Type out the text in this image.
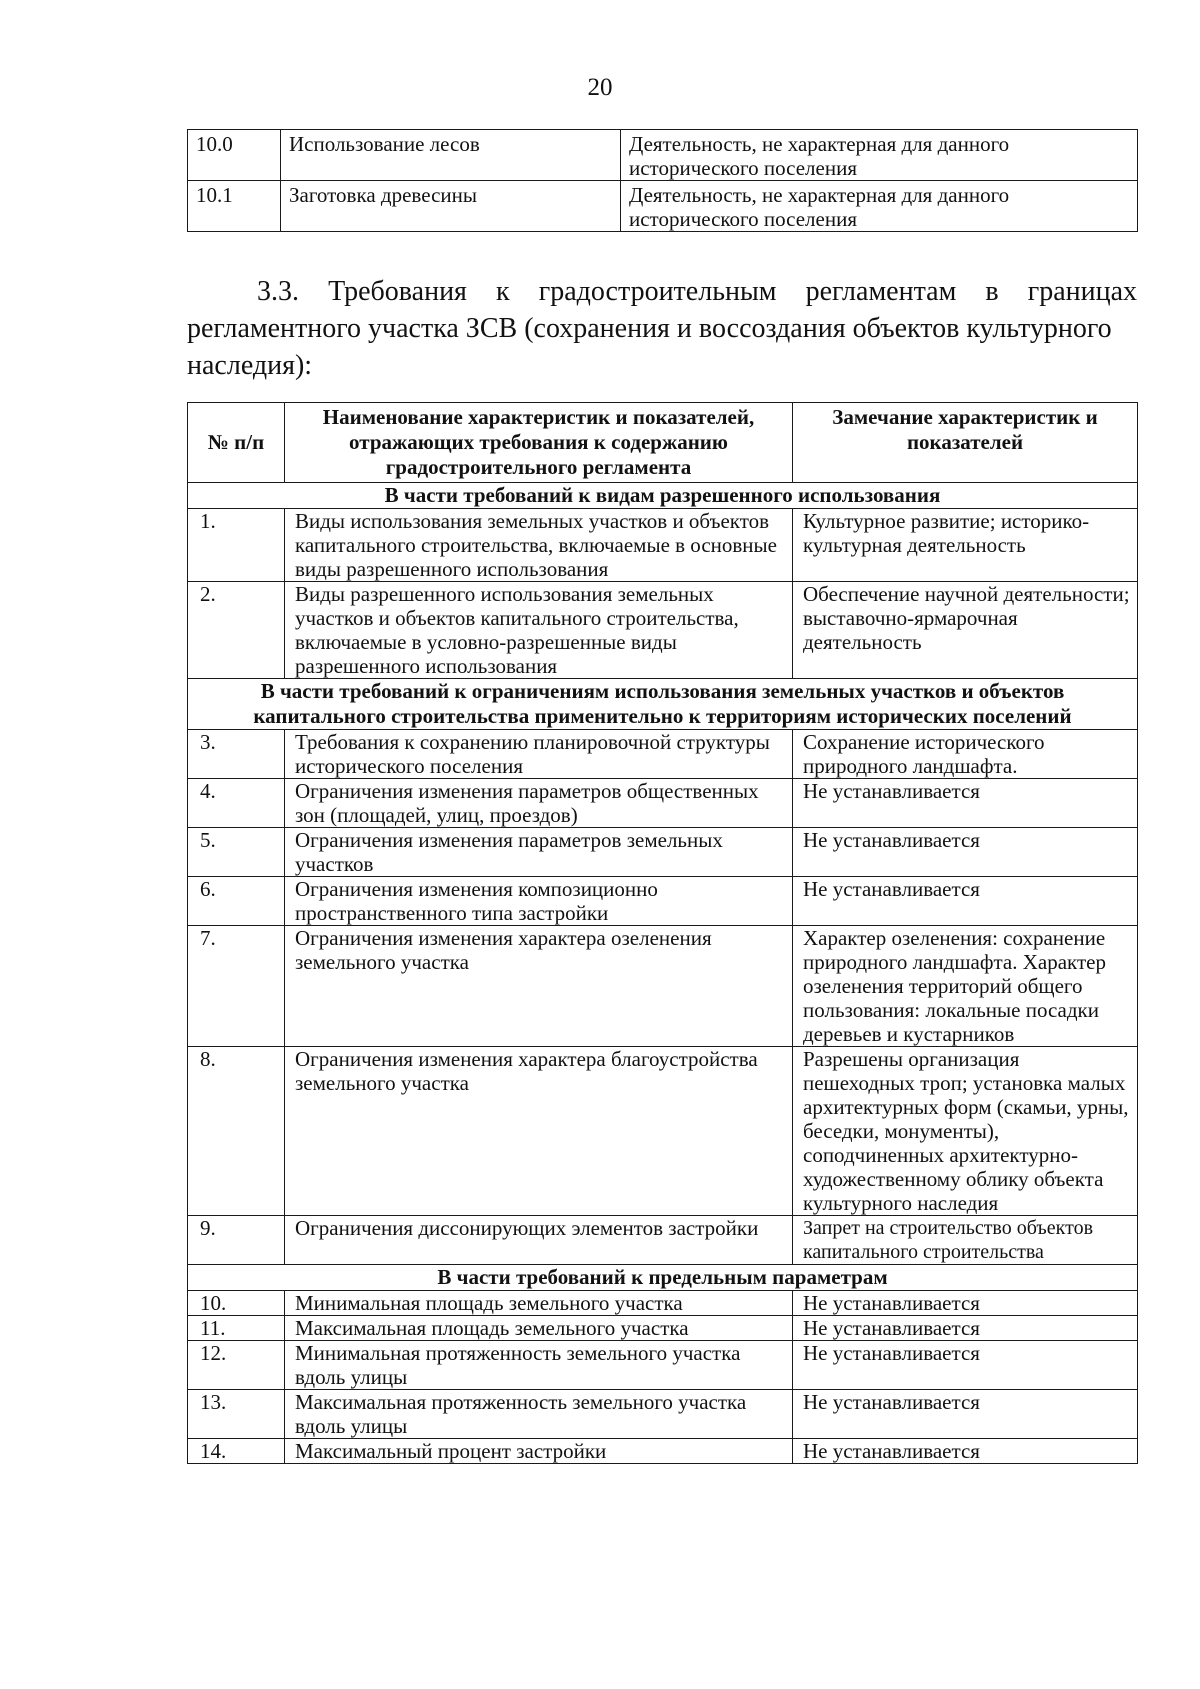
20
10.0	Использование лесов	Деятельность, не характерная для данного исторического поселения
10.1	Заготовка древесины	Деятельность, не характерная для данного исторического поселения
3.3. Требования к градостроительным регламентам в границах регламентного участка ЗСВ (сохранения и воссоздания объектов культурного
наследия):
№ п/п	Наименование характеристик и показателей, отражающих требования к содержанию градостроительного регламента	Замечание характеристик и показателей
В части требований к видам разрешенного использования		
1.	Виды использования земельных участков и объектов капитального строительства, включаемые в основные виды разрешенного использования	Культурное развитие; историко-культурная деятельность
2.	Виды разрешенного использования земельных участков и объектов капитального строительства, включаемые в условно-разрешенные виды разрешенного использования	Обеспечение научной деятельности; выставочно-ярмарочная деятельность
В части требований к ограничениям использования земельных участков и объектов капитального строительства применительно к территориям исторических поселений		
3.	Требования к сохранению планировочной структуры исторического поселения	Сохранение исторического природного ландшафта.
4.	Ограничения изменения параметров общественных зон (площадей, улиц, проездов)	Не устанавливается
5.	Ограничения изменения параметров земельных участков	Не устанавливается
6.	Ограничения изменения композиционно пространственного типа застройки	Не устанавливается
7.	Ограничения изменения характера озеленения земельного участка	Характер озеленения: сохранение природного ландшафта. Характер озеленения территорий общего пользования: локальные посадки деревьев и кустарников
8.	Ограничения изменения характера благоустройства земельного участка	Разрешены организация пешеходных троп; установка малых архитектурных форм (скамьи, урны, беседки, монументы), соподчиненных архитектурно-художественному облику объекта культурного наследия
9.	Ограничения диссонирующих элементов застройки	Запрет на строительство объектов капитального строительства
В части требований к предельным параметрам		
10.	Минимальная площадь земельного участка	Не устанавливается
11.	Максимальная площадь земельного участка	Не устанавливается
12.	Минимальная протяженность земельного участка вдоль улицы	Не устанавливается
13.	Максимальная протяженность земельного участка вдоль улицы	Не устанавливается
14.	Максимальный процент застройки	Не устанавливается
